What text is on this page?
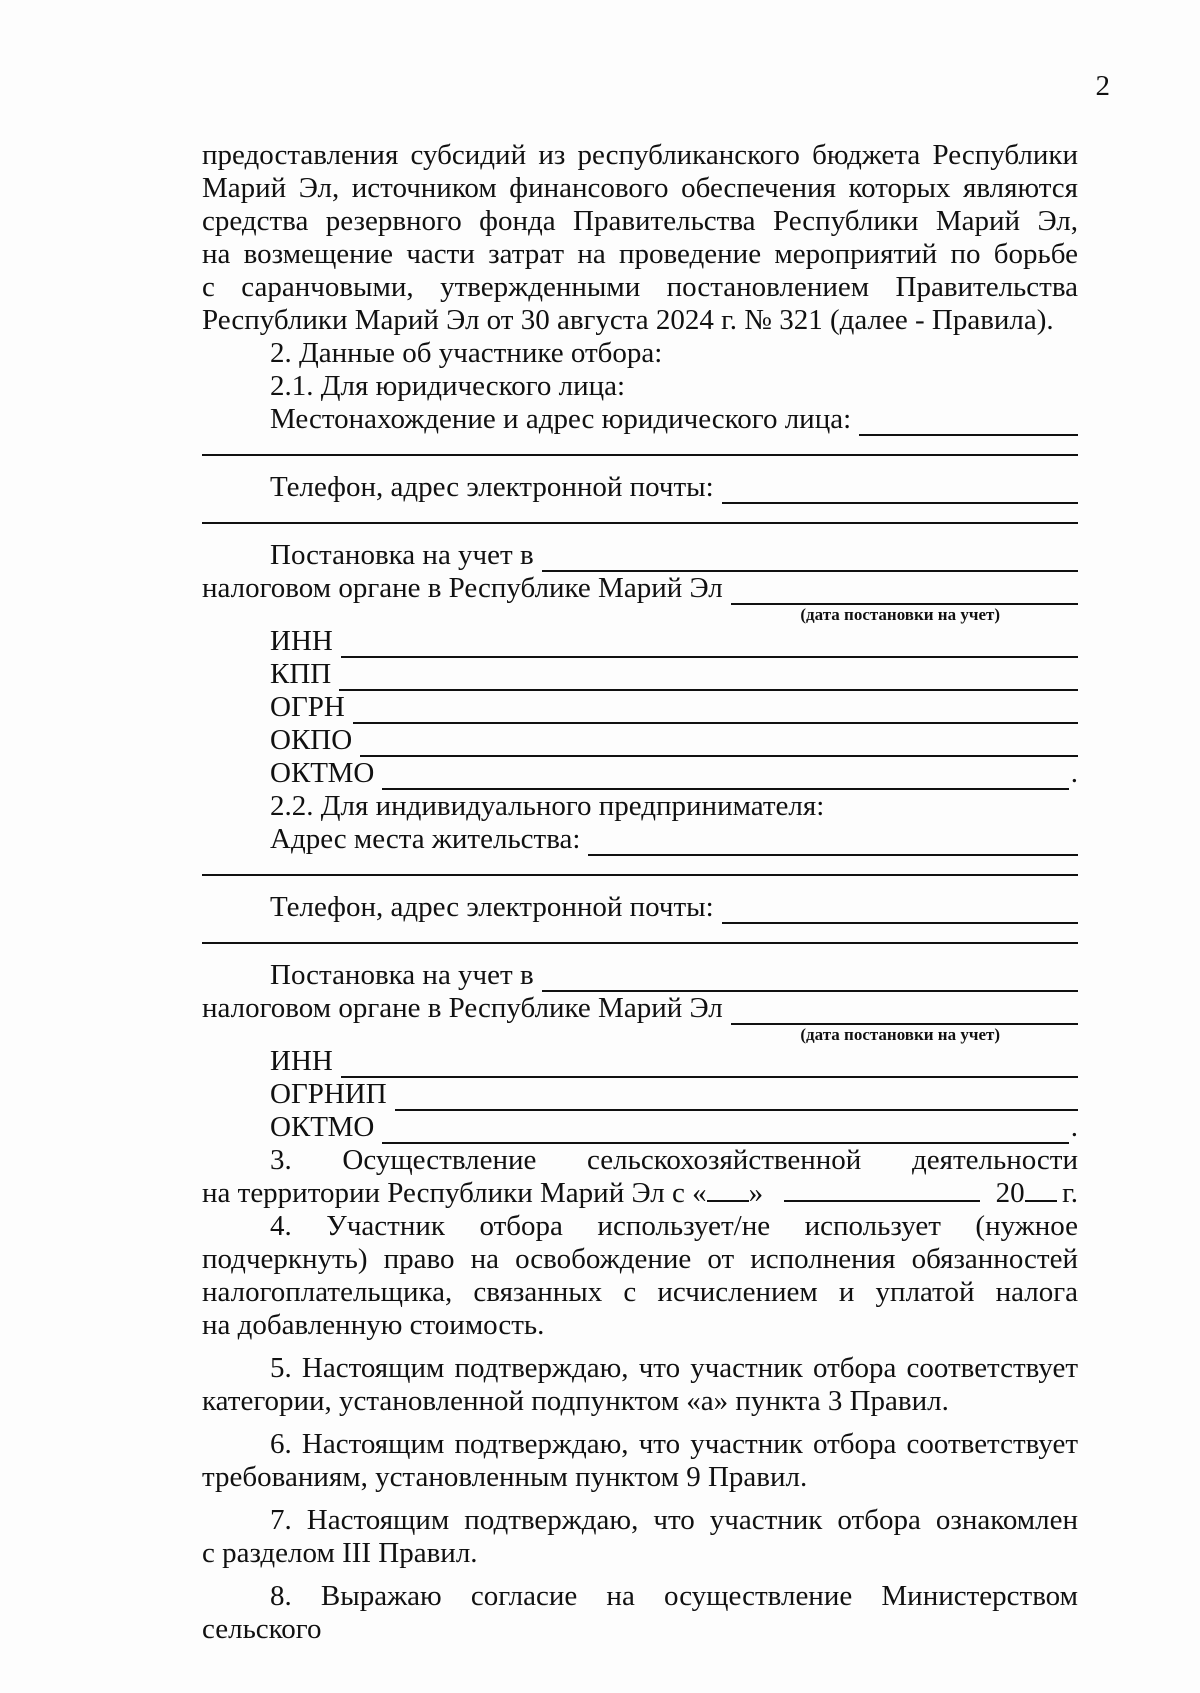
2
предоставления субсидий из республиканского бюджета Республики
Марий Эл, источником финансового обеспечения которых являются
средства резервного фонда Правительства Республики Марий Эл,
на возмещение части затрат на проведение мероприятий по борьбе
с саранчовыми, утвержденными постановлением Правительства
Республики Марий Эл от 30 августа 2024 г. № 321 (далее - Правила).
2. Данные об участнике отбора:
2.1. Для юридического лица:
Местонахождение и адрес юридического лица:
Телефон, адрес электронной почты:
Постановка на учет в
налоговом органе в Республике Марий Эл
(дата постановки на учет)
ИНН
КПП
ОГРН
ОКПО
ОКТМО	.
2.2. Для индивидуального предпринимателя:
Адрес места жительства:
Телефон, адрес электронной почты:
Постановка на учет в
налоговом органе в Республике Марий Эл
(дата постановки на учет)
ИНН
ОГРНИП
ОКТМО	.
3. Осуществление сельскохозяйственной деятельности
на территории Республики Марий Эл с « »	20	г.
4. Участник отбора использует/не использует (нужное
подчеркнуть) право на освобождение от исполнения обязанностей
налогоплательщика, связанных с исчислением и уплатой налога
на добавленную стоимость.
5. Настоящим подтверждаю, что участник отбора соответствует
категории, установленной подпунктом «а» пункта 3 Правил.
6. Настоящим подтверждаю, что участник отбора соответствует
требованиям, установленным пунктом 9 Правил.
7. Настоящим подтверждаю, что участник отбора ознакомлен
с разделом III Правил.
8. Выражаю согласие на осуществление Министерством сельского
